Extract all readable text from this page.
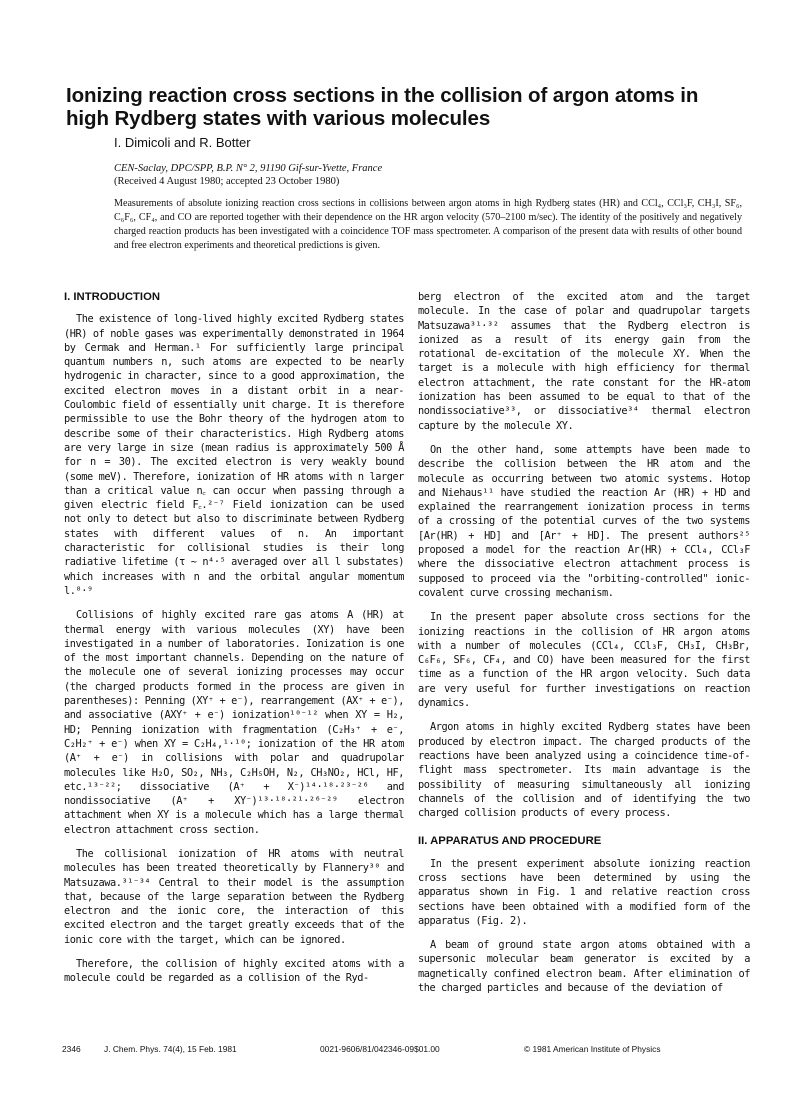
Ionizing reaction cross sections in the collision of argon atoms in high Rydberg states with various molecules
I. Dimicoli and R. Botter
CEN-Saclay, DPC/SPP, B.P. N° 2, 91190 Gif-sur-Yvette, France
(Received 4 August 1980; accepted 23 October 1980)

Measurements of absolute ionizing reaction cross sections in collisions between argon atoms in high Rydberg states (HR) and CCl₄, CCl₃F, CH₃I, SF₆, C₆F₆, CF₄, and CO are reported together with their dependence on the HR argon velocity (570–2100 m/sec). The identity of the positively and negatively charged reaction products has been investigated with a coincidence TOF mass spectrometer. A comparison of the present data with results of other bound and free electron experiments and theoretical predictions is given.

I. INTRODUCTION

The existence of long-lived highly excited Rydberg states (HR) of noble gases was experimentally demonstrated in 1964 by Cermak and Herman.¹ For sufficiently large principal quantum numbers n, such atoms are expected to be nearly hydrogenic in character, since to a good approximation, the excited electron moves in a distant orbit in a near-Coulombic field of essentially unit charge. It is therefore permissible to use the Bohr theory of the hydrogen atom to describe some of their characteristics. High Rydberg atoms are very large in size (mean radius is approximately 500 Å for n = 30). The excited electron is very weakly bound (some meV). Therefore, ionization of HR atoms with n larger than a critical value n꜀ can occur when passing through a given electric field F꜀.²⁻⁷ Field ionization can be used not only to detect but also to discriminate between Rydberg states with different values of n. An important characteristic for collisional studies is their long radiative lifetime (τ ~ n⁴·⁵ averaged over all l substates) which increases with n and the orbital angular momentum l.⁸·⁹

Collisions of highly excited rare gas atoms A (HR) at thermal energy with various molecules (XY) have been investigated in a number of laboratories. Ionization is one of the most important channels. Depending on the nature of the molecule one of several ionizing processes may occur (the charged products formed in the process are given in parentheses): Penning (XY⁺ + e⁻), rearrangement (AX⁺ + e⁻), and associative (AXY⁺ + e⁻) ionization¹⁰⁻¹² when XY = H₂, HD; Penning ionization with fragmentation (C₂H₃⁺ + e⁻, C₂H₂⁺ + e⁻) when XY = C₂H₄,¹·¹⁰; ionization of the HR atom (A⁺ + e⁻) in collisions with polar and quadrupolar molecules like H₂O, SO₂, NH₃, C₂H₅OH, N₂, CH₃NO₂, HCl, HF, etc.¹³⁻²²; dissociative (A⁺ + X⁻)¹⁴·¹⁸·²³⁻²⁶ and nondissociative (A⁺ + XY⁻)¹³·¹⁸·²¹·²⁶⁻²⁹ electron attachment when XY is a molecule which has a large thermal electron attachment cross section.

The collisional ionization of HR atoms with neutral molecules has been treated theoretically by Flannery³⁰ and Matsuzawa.³¹⁻³⁴ Central to their model is the assumption that, because of the large separation between the Rydberg electron and the ionic core, the interaction of this excited electron and the target greatly exceeds that of the ionic core with the target, which can be ignored.

Therefore, the collision of highly excited atoms with a molecule could be regarded as a collision of the Ryd-

berg electron of the excited atom and the target molecule. In the case of polar and quadrupolar targets Matsuzawa³¹·³² assumes that the Rydberg electron is ionized as a result of its energy gain from the rotational de-excitation of the molecule XY. When the target is a molecule with high efficiency for thermal electron attachment, the rate constant for the HR-atom ionization has been assumed to be equal to that of the nondissociative³³, or dissociative³⁴ thermal electron capture by the molecule XY.

On the other hand, some attempts have been made to describe the collision between the HR atom and the molecule as occurring between two atomic systems. Hotop and Niehaus¹¹ have studied the reaction Ar (HR) + HD and explained the rearrangement ionization process in terms of a crossing of the potential curves of the two systems [Ar(HR) + HD] and [Ar⁺ + HD]. The present authors²⁵ proposed a model for the reaction Ar(HR) + CCl₄, CCl₃F where the dissociative electron attachment process is supposed to proceed via the "orbiting-controlled" ionic-covalent curve crossing mechanism.

In the present paper absolute cross sections for the ionizing reactions in the collision of HR argon atoms with a number of molecules (CCl₄, CCl₃F, CH₃I, CH₃Br, C₆F₆, SF₆, CF₄, and CO) have been measured for the first time as a function of the HR argon velocity. Such data are very useful for further investigations on reaction dynamics.

Argon atoms in highly excited Rydberg states have been produced by electron impact. The charged products of the reactions have been analyzed using a coincidence time-of-flight mass spectrometer. Its main advantage is the possibility of measuring simultaneously all ionizing channels of the collision and of identifying the two charged collision products of every process.

II. APPARATUS AND PROCEDURE

In the present experiment absolute ionizing reaction cross sections have been determined by using the apparatus shown in Fig. 1 and relative reaction cross sections have been obtained with a modified form of the apparatus (Fig. 2).

A beam of ground state argon atoms obtained with a supersonic molecular beam generator is excited by a magnetically confined electron beam. After elimination of the charged particles and because of the deviation of

2346	J. Chem. Phys. 74(4), 15 Feb. 1981	0021-9606/81/042346-09$01.00	© 1981 American Institute of Physics
